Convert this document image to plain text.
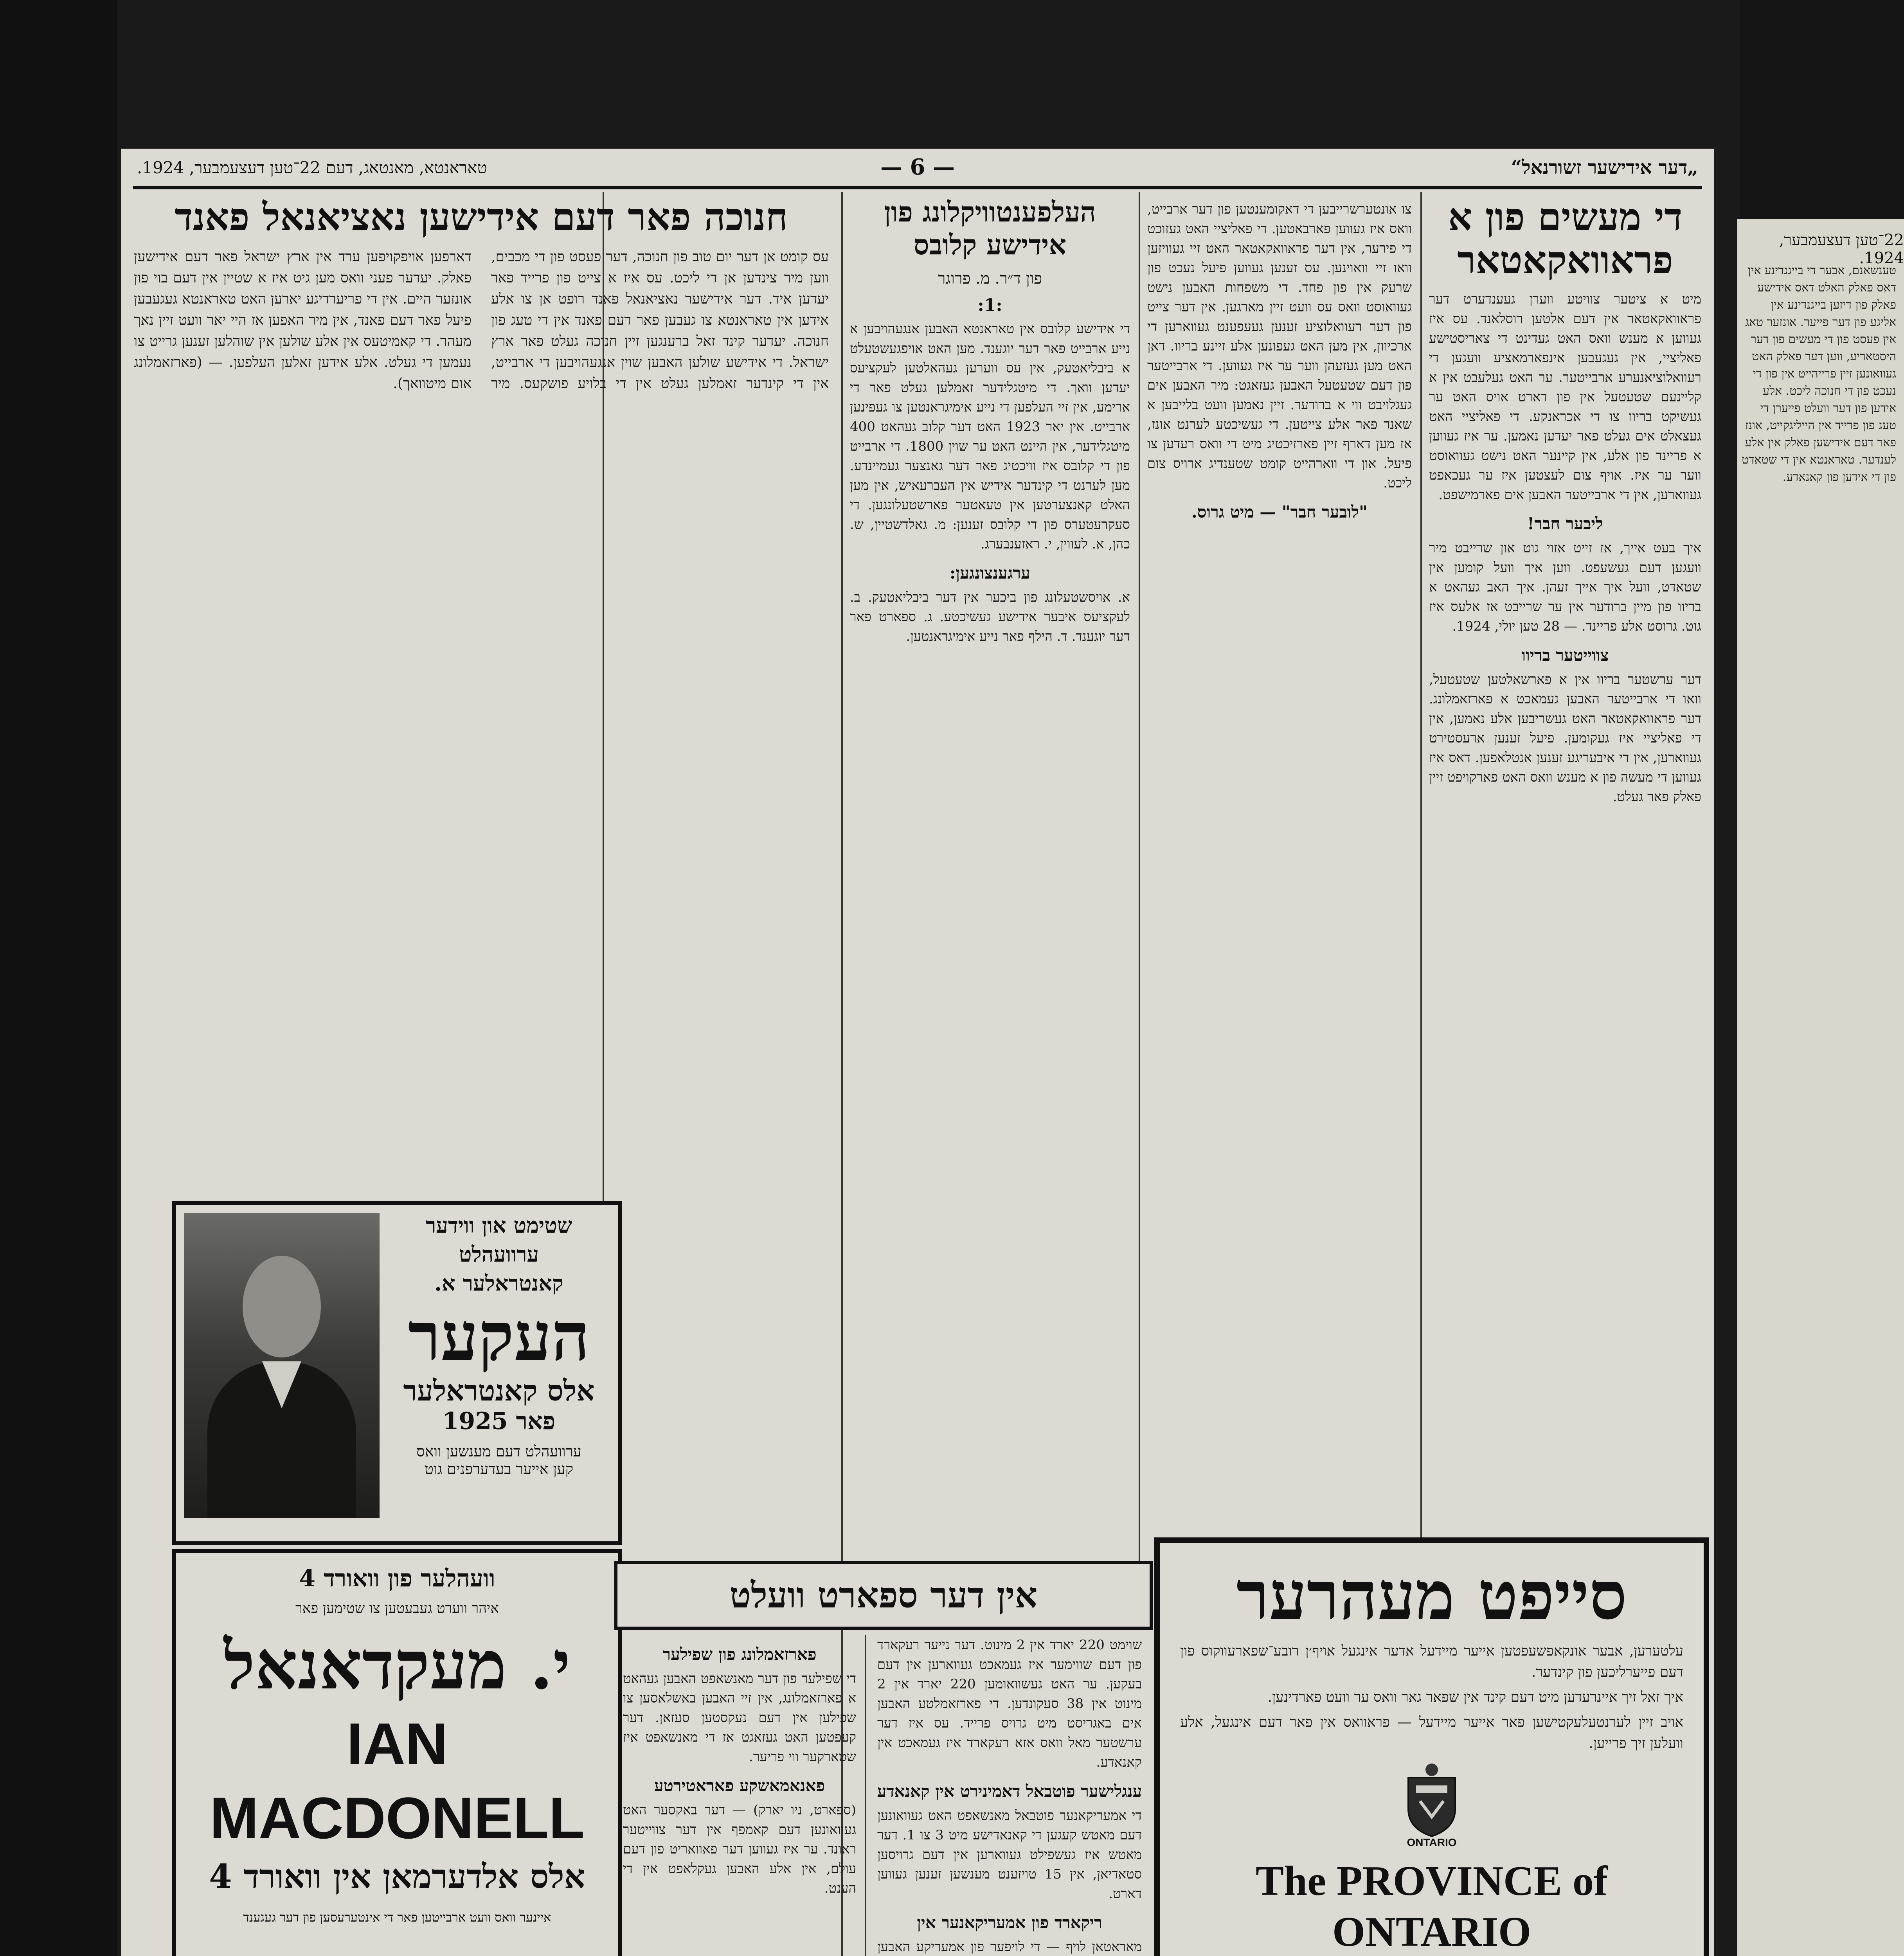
22־טען דעצעמבער, 1924.
טענשאנם, אבער די בייגנדינע אין דאס פאלק האלט דאס אידישע פאלק פון דיזען בייגנדינע אין אליגע פון דער פייער. אונזער טאג אין פעסט פון די מעשים פון דער היסטאריע, ווען דער פאלק האט געוואונען זיין פרייהייט אין פון די נעכט פון די חנוכה ליכט. אלע אידען פון דער וועלט פייערן די טעג פון פרייד אין הייליגקייט, אונז פאר דעם אידישען פאלק אין אלע לענדער. טאראנטא אין די שטאדט פון די אידען פון קאנאדע.
„דער אידישער זשורנאל“
— 6 —
טאראנטא, מאנטאג, דעם 22־טען דעצעמבער, 1924.
די מעשים פון א פראוואקאטאר
מיט א ציטער צוויטע ווערן געענדערט דער פראוואקאטאר אין דעם אלטען רוסלאנד. עס איז געווען א מענש וואס האט געדינט די צאריסטישע פאליציי, אין געגעבען אינפארמאציע וועגען די רעוואלוציאנערע ארבייטער. ער האט געלעבט אין א קליינעם שטעטעל אין פון דארט אויס האט ער געשיקט בריוו צו די אכראנקע. די פאליציי האט געצאלט אים געלט פאר יעדען נאמען. ער איז געווען א פריינד פון אלע, אין קיינער האט נישט געוואוסט ווער ער איז. אויף צום לעצטען איז ער געכאפט געווארען, אין די ארבייטער האבען אים פארמישפט.
ליבער חבר!
איך בעט אייך, אז זייט אזוי גוט און שרייבט מיר וועגען דעם געשעפט. ווען איך וועל קומען אין שטאדט, וועל איך אייך זעהן. איך האב געהאט א בריוו פון מיין ברודער אין ער שרייבט אז אלעס איז גוט. גרוסט אלע פריינד. — 28 טען יולי, 1924.
צווייטער בריוו
דער ערשטער בריוו אין א פארשאלטען שטעטעל, וואו די ארבייטער האבען געמאכט א פארזאמלונג. דער פראוואקאטאר האט געשריבען אלע נאמען, אין די פאליציי איז געקומען. פיעל זענען ארעסטירט געווארען, אין די איבעריגע זענען אנטלאפען. דאס איז געווען די מעשה פון א מענש וואס האט פארקויפט זיין פאלק פאר געלט.
צו אונטערשרייבען די דאקומענטען פון דער ארבייט, וואס איז געווען פארבאטען. די פאליציי האט געזוכט די פירער, אין דער פראוואקאטאר האט זיי געוויזען וואו זיי וואוינען. עס זענען געווען פיעל נעכט פון שרעק אין פון פחד. די משפחות האבען נישט געוואוסט וואס עס וועט זיין מארגען. אין דער צייט פון דער רעוואלוציע זענען געעפענט געווארען די ארכיוון, אין מען האט געפונען אלע זיינע בריוו. דאן האט מען געזעהן ווער ער איז געווען. די ארבייטער פון דעם שטעטעל האבען געזאגט: מיר האבען אים געגלויבט ווי א ברודער. זיין נאמען וועט בלייבען א שאנד פאר אלע צייטען. די געשיכטע לערנט אונז, אז מען דארף זיין פארזיכטיג מיט די וואס רעדען צו פיעל. און די ווארהייט קומט שטענדיג ארויס צום ליכט.
"לובער חבר" — מיט גרוס.
העלפענטוויקלונג פון אידישע קלובס
פון ד״ר. מ. פרוגר
:1:
די אידישע קלובס אין טאראנטא האבען אנגעהויבען א נייע ארבייט פאר דער יוגענד. מען האט אויפגעשטעלט א ביבליאטעק, אין עס ווערען געהאלטען לעקציעס יעדען וואך. די מיטגלידער זאמלען געלט פאר די ארימע, אין זיי העלפען די נייע אימיגראנטען צו געפינען ארבייט. אין יאר 1923 האט דער קלוב געהאט 400 מיטגלידער, אין היינט האט ער שוין 1800. די ארבייט פון די קלובס איז וויכטיג פאר דער גאנצער געמיינדע. מען לערנט די קינדער אידיש אין העברעאיש, אין מען האלט קאנצערטען אין טעאטער פארשטעלונגען. די סעקרעטערס פון די קלובס זענען: מ. גאלדשטיין, ש. כהן, א. לעווין, י. ראזענבערג.
ערגענצונגען:
א. אויסשטעלונג פון ביכער אין דער ביבליאטעק. ב. לעקציעס איבער אידישע געשיכטע. ג. ספארט פאר דער יוגענד. ד. הילף פאר נייע אימיגראנטען.
חנוכה פאר דעם אידישען נאציאנאל פאנד
עס קומט אן דער יום טוב פון חנוכה, דער פעסט פון די מכבים, ווען מיר צינדען אן די ליכט. עס איז א צייט פון פרייד פאר יעדען איד. דער אידישער נאציאנאל פאנד רופט אן צו אלע אידען אין טאראנטא צו געבען פאר דעם פאנד אין די טעג פון חנוכה. יעדער קינד זאל ברענגען זיין חנוכה געלט פאר ארץ ישראל. די אידישע שולען האבען שוין אנגעהויבען די ארבייט, אין די קינדער זאמלען געלט אין די בלויע פושקעס. מיר דארפען אויפקויפען ערד אין ארץ ישראל פאר דעם אידישען פאלק. יעדער פעני וואס מען גיט איז א שטיין אין דעם בוי פון אונזער היים. אין די פריערדיגע יארען האט טאראנטא געגעבען פיעל פאר דעם פאנד, אין מיר האפען אז היי יאר וועט זיין נאך מעהר. די קאמיטעס אין אלע שולען אין שוהלען זענען גרייט צו נעמען די געלט. אלע אידען זאלען העלפען. — (פארזאמלונג אום מיטוואך).
שטימט און ווידער
ערוועהלט
קאנטראלער א.
העקער
אלס קאנטראלער
פאר 1925
ערוועהלט דעם מענשען וואס
קען אייער בעדערפנים גוט
וועהלער פון וואורד 4
איהר ווערט געבעטען צו שטימען פאר
י. מעקדאנאל
IAN MACDONELL
אלס אלדערמאן אין וואורד 4
איינער וואס וועט ארבייטען פאר די אינטערעסען פון דער געגענד
אין דער ספארט וועלט
שוימט 220 יארד אין 2 מינוט. דער נייער רעקארד פון דעם שווימער איז געמאכט געווארען אין דעם בעקען. ער האט געשוואומען 220 יארד אין 2 מינוט אין 38 סעקונדען. די פארזאמלטע האבען אים באגריסט מיט גרויס פרייד. עס איז דער ערשטער מאל וואס אזא רעקארד איז געמאכט אין קאנאדע.
ענגלישער פוטבאל דאמינירט אין קאנאדע
די אמעריקאנער פוטבאל מאנשאפט האט געוואונען דעם מאטש קעגען די קאנאדישע מיט 3 צו 1. דער מאטש איז געשפילט געווארען אין דעם גרויסען סטאדיאן, אין 15 טויזענט מענשען זענען געווען דארט.
ריקארד פון אמעריקאנער אין
מאראטאן לויף — די לויפער פון אמעריקע האבען
פארזאמלונג פון שפילער
די שפילער פון דער מאנשאפט האבען געהאט א פארזאמלונג, אין זיי האבען באשלאסען צו שפילען אין דעם נעקסטען סעזאן. דער קעפטען האט געזאגט אז די מאנשאפט איז שטארקער ווי פריער.
פאנאמאשקע פאראטירטע
(ספארט, ניו יארק) — דער באקסער האט געוואונען דעם קאמפף אין דער צווייטער ראונד. ער איז געווען דער פאוואריט פון דעם עולם, אין אלע האבען געקלאפט אין די הענט.
סייפט מעהרער
עלטערען, אבער אונקאפשעפטען אייער מיידעל אדער אינגעל אויף׳ן רובע־שפארעווקוס פון דעם פייערליכען פון קינדער.
איך זאל זיך איינרעדען מיט דעם קינד אין שפאר גאר וואס ער וועט פארדינען.
אויב זיין לערנטעלעקטישען פאר אייער מיידעל — פראוואס אין פאר דעם אינגעל, אלע וועלען זיך פרייען.
ONTARIO
The PROVINCE of ONTARIO
